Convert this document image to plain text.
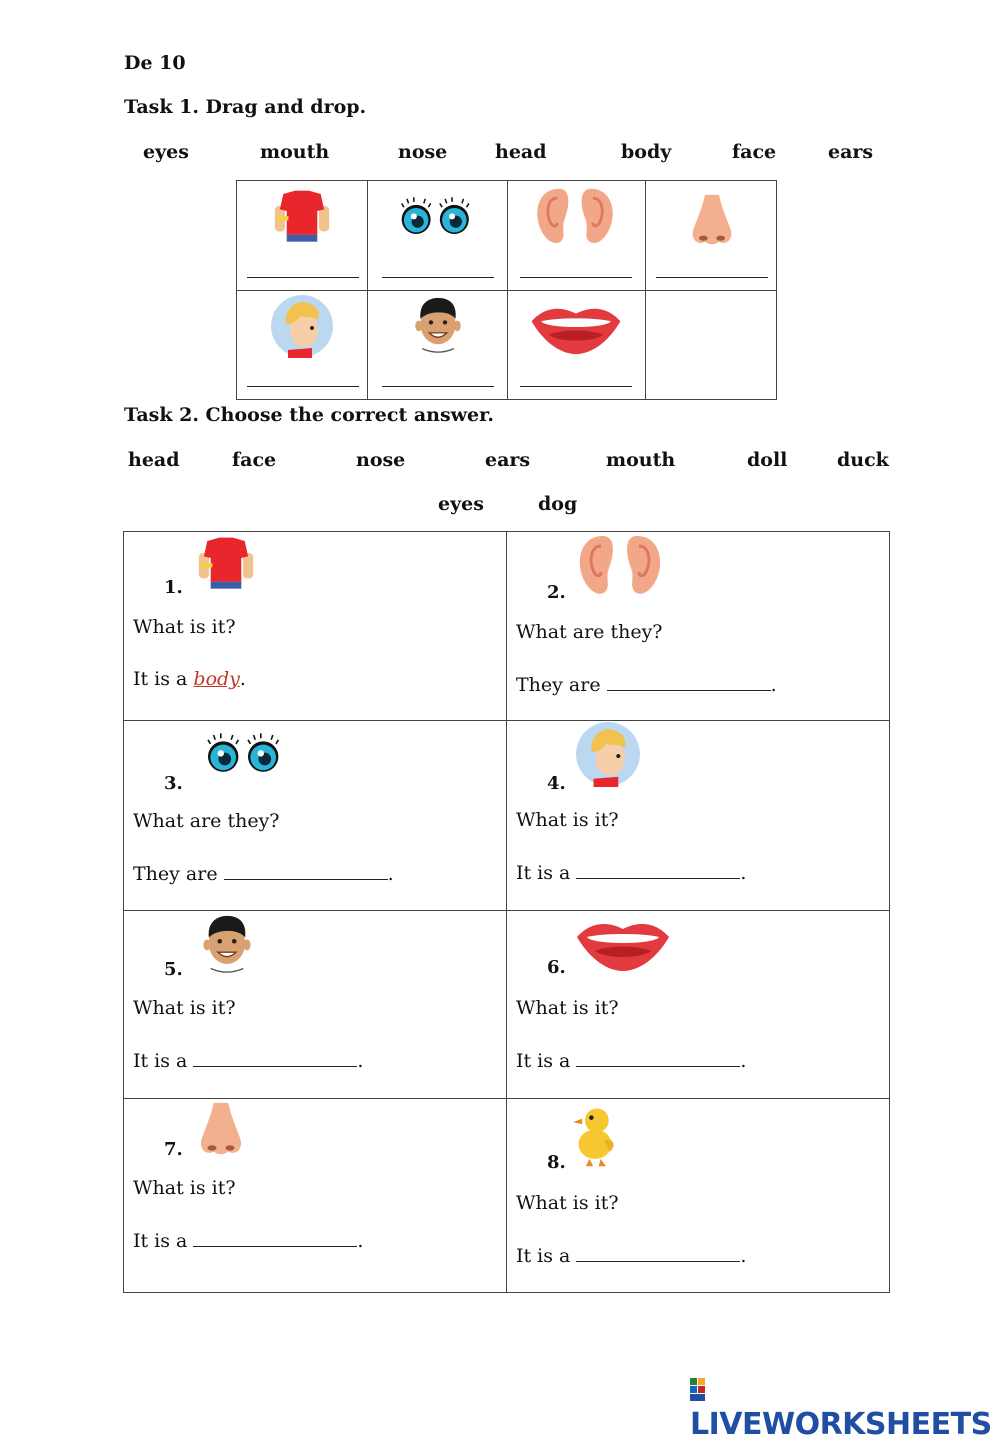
De 10
Task 1. Drag and drop.
eyes	mouth	nose	head	body	face	ears

Task 2. Choose the correct answer.
head	face	nose	ears	mouth	doll	duck
eyes	dog
1.
What is it?
It is a body.	2.
What are they?
They are .

3.
What are they?
They are .	4.
What is it?
It is a .

5.
What is it?
It is a .	6.
What is it?
It is a .

7.
What is it?
It is a .	8.
What is it?
It is a .
LIVEWORKSHEETS
